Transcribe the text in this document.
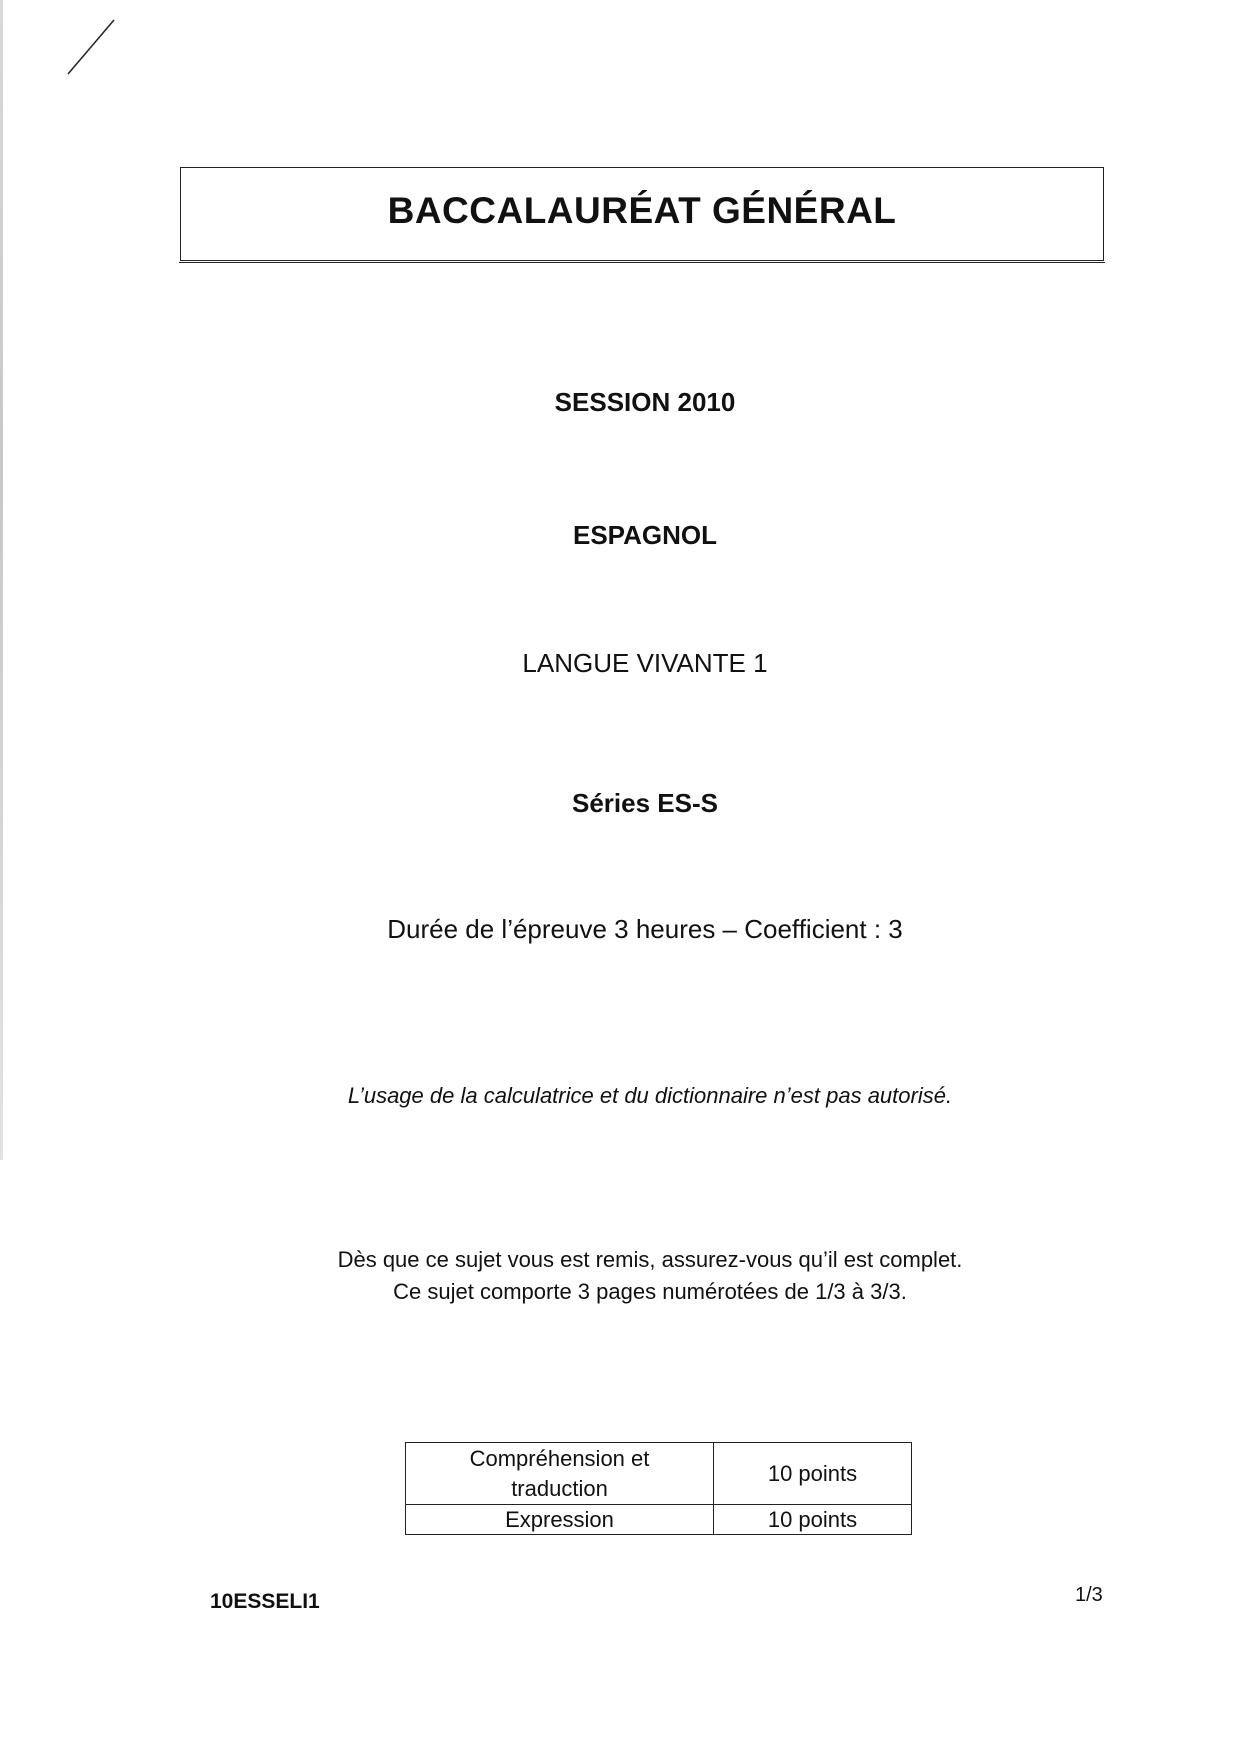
BACCALAURÉAT GÉNÉRAL
SESSION 2010
ESPAGNOL
LANGUE VIVANTE 1
Séries ES-S
Durée de l’épreuve 3 heures – Coefficient : 3
L’usage de la calculatrice et du dictionnaire n’est pas autorisé.
Dès que ce sujet vous est remis, assurez-vous qu’il est complet.
Ce sujet comporte 3 pages numérotées de 1/3 à 3/3.
Compréhension et
traduction	10 points
Expression	10 points
10ESSELI1	1/3
